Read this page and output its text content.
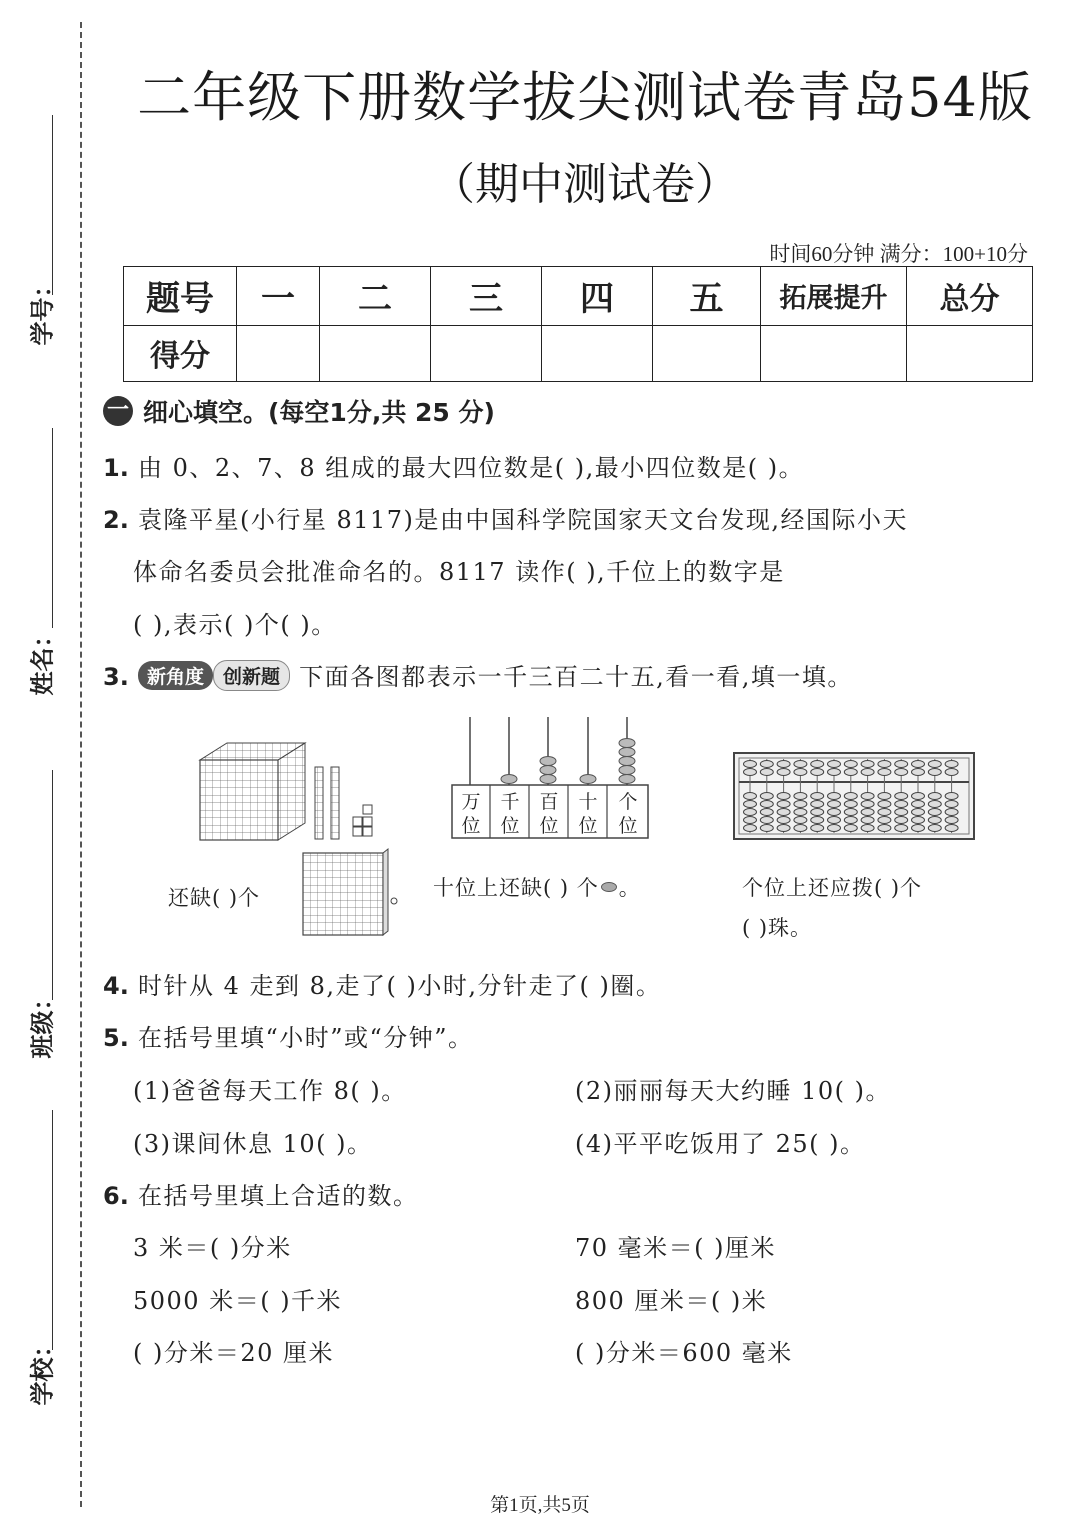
学号：
姓名：
班级：
学校：
二年级下册数学拔尖测试卷青岛54版
（期中测试卷）
时间60分钟 满分：100+10分
题号	一	二	三	四	五	拓展提升	总分
得分							
一 细心填空。(每空1分,共 25 分)
1. 由 0、2、7、8 组成的最大四位数是( ),最小四位数是( )。
2. 袁隆平星(小行星 8117)是由中国科学院国家天文台发现,经国际小天
体命名委员会批准命名的。8117 读作( ),千位上的数字是
( ),表示( )个( )。
3. 新角度 创新题 下面各图都表示一千三百二十五,看一看,填一填。
还缺( )个
万
位
千
位
百
位
十
位
个
位
十位上还缺( ) 个 。	个位上还应拨( )个
( )珠。
4. 时针从 4 走到 8,走了( )小时,分针走了( )圈。
5. 在括号里填“小时”或“分钟”。
(1)爸爸每天工作 8( )。	(2)丽丽每天大约睡 10( )。
(3)课间休息 10( )。	(4)平平吃饭用了 25( )。
6. 在括号里填上合适的数。
3 米＝( )分米	70 毫米＝( )厘米
5000 米＝( )千米	800 厘米＝( )米
( )分米＝20 厘米	( )分米＝600 毫米
第1页,共5页
